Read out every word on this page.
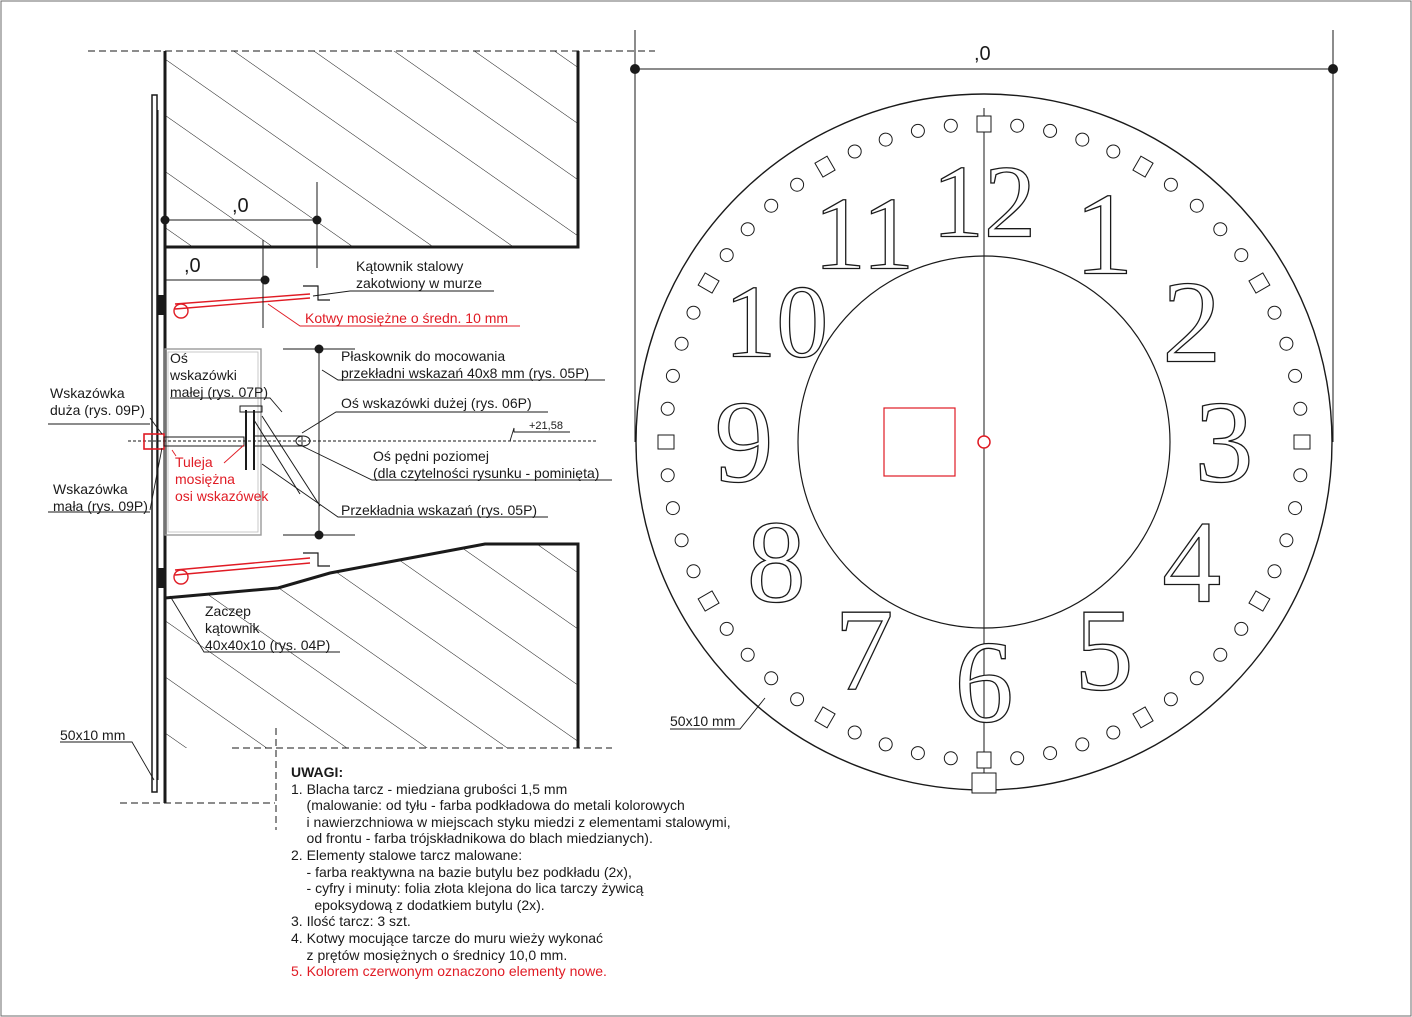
,0
,0
+21,58
Kątownik stalowy
zakotwiony w murze
Kotwy mosiężne o średn. 10 mm
Płaskownik do mocowania
przekładni wskazań 40x8 mm (rys. 05P)
Oś wskazówki dużej (rys. 06P)
Oś pędni poziomej
(dla czytelności rysunku - pominięta)
Przekładnia wskazań (rys. 05P)
Oś
wskazówki
małej (rys. 07P)
Wskazówka
duża (rys. 09P)
Tuleja
mosiężna
osi wskazówek
Wskazówka
mała (rys. 09P)
Zaczep
kątownik
40x40x10 (rys. 04P)
50x10 mm
,0
12 1
2
3
4
5
6
7
8
9
10
11
50x10 mm
UWAGI:
1. Blacha tarcz - miedziana grubości 1,5 mm
(malowanie: od tyłu - farba podkładowa do metali kolorowych
i nawierzchniowa w miejscach styku miedzi z elementami stalowymi,
od frontu - farba trójskładnikowa do blach miedzianych).
2. Elementy stalowe tarcz malowane:
- farba reaktywna na bazie butylu bez podkładu (2x),
- cyfry i minuty: folia złota klejona do lica tarczy żywicą
epoksydową z dodatkiem butylu (2x).
3. Ilość tarcz: 3 szt.
4. Kotwy mocujące tarcze do muru wieży wykonać
z prętów mosiężnych o średnicy 10,0 mm.
5. Kolorem czerwonym oznaczono elementy nowe.
